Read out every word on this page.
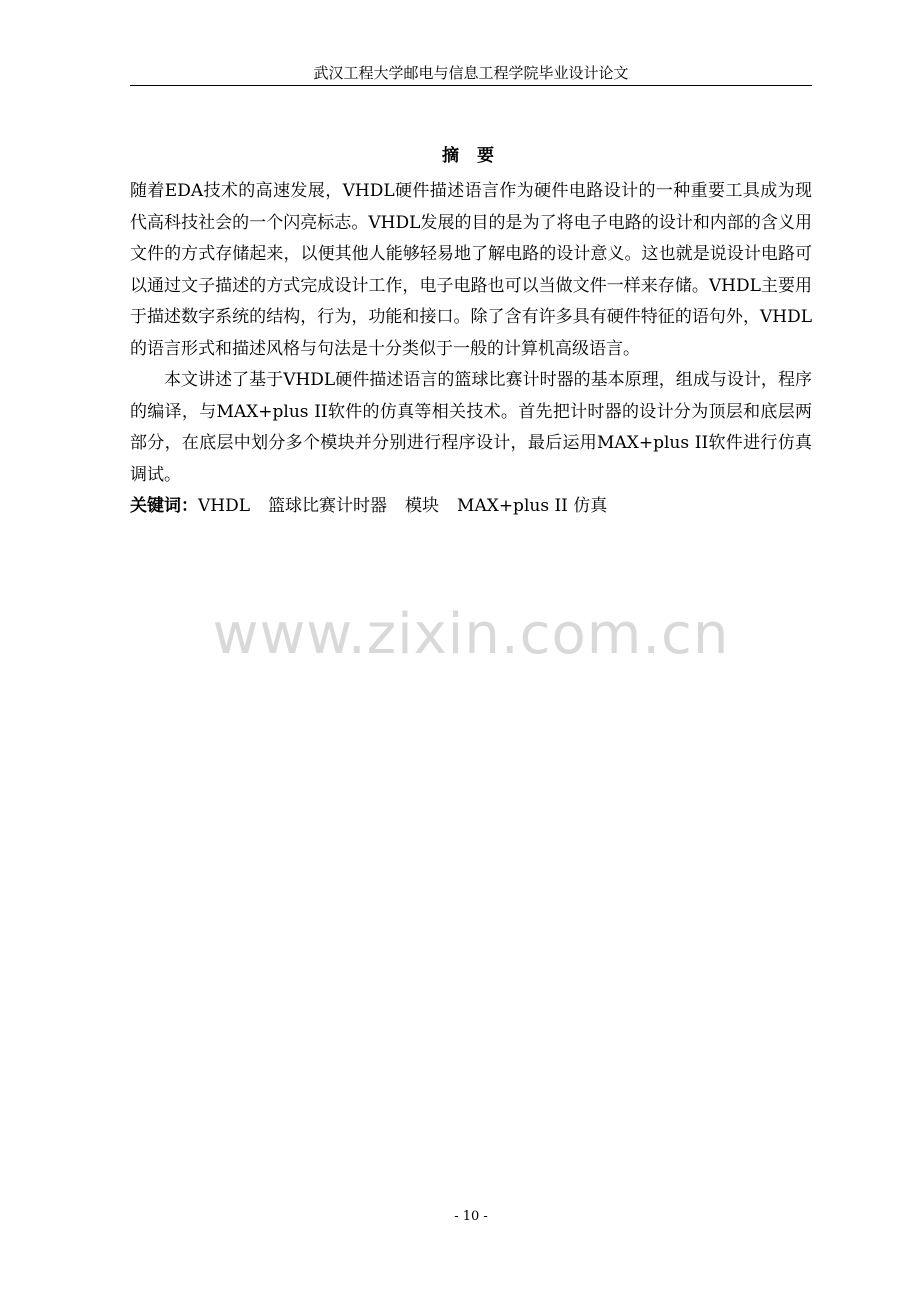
武汉工程大学邮电与信息工程学院毕业设计论文
摘 要

随着EDA技术的高速发展，VHDL硬件描述语言作为硬件电路设计的一种重要工具成为现代高科技社会的一个闪亮标志。VHDL发展的目的是为了将电子电路的设计和内部的含义用文件的方式存储起来，以便其他人能够轻易地了解电路的设计意义。这也就是说设计电路可以通过文子描述的方式完成设计工作，电子电路也可以当做文件一样来存储。VHDL主要用于描述数字系统的结构，行为，功能和接口。除了含有许多具有硬件特征的语句外，VHDL的语言形式和描述风格与句法是十分类似于一般的计算机高级语言。

本文讲述了基于VHDL硬件描述语言的篮球比赛计时器的基本原理，组成与设计，程序的编译，与MAX+plus II软件的仿真等相关技术。首先把计时器的设计分为顶层和底层两部分，在底层中划分多个模块并分别进行程序设计，最后运用MAX+plus II软件进行仿真调试。

关键词：VHDL 篮球比赛计时器 模块 MAX+plus II 仿真

www.zixin.com.cn
- 10 -
